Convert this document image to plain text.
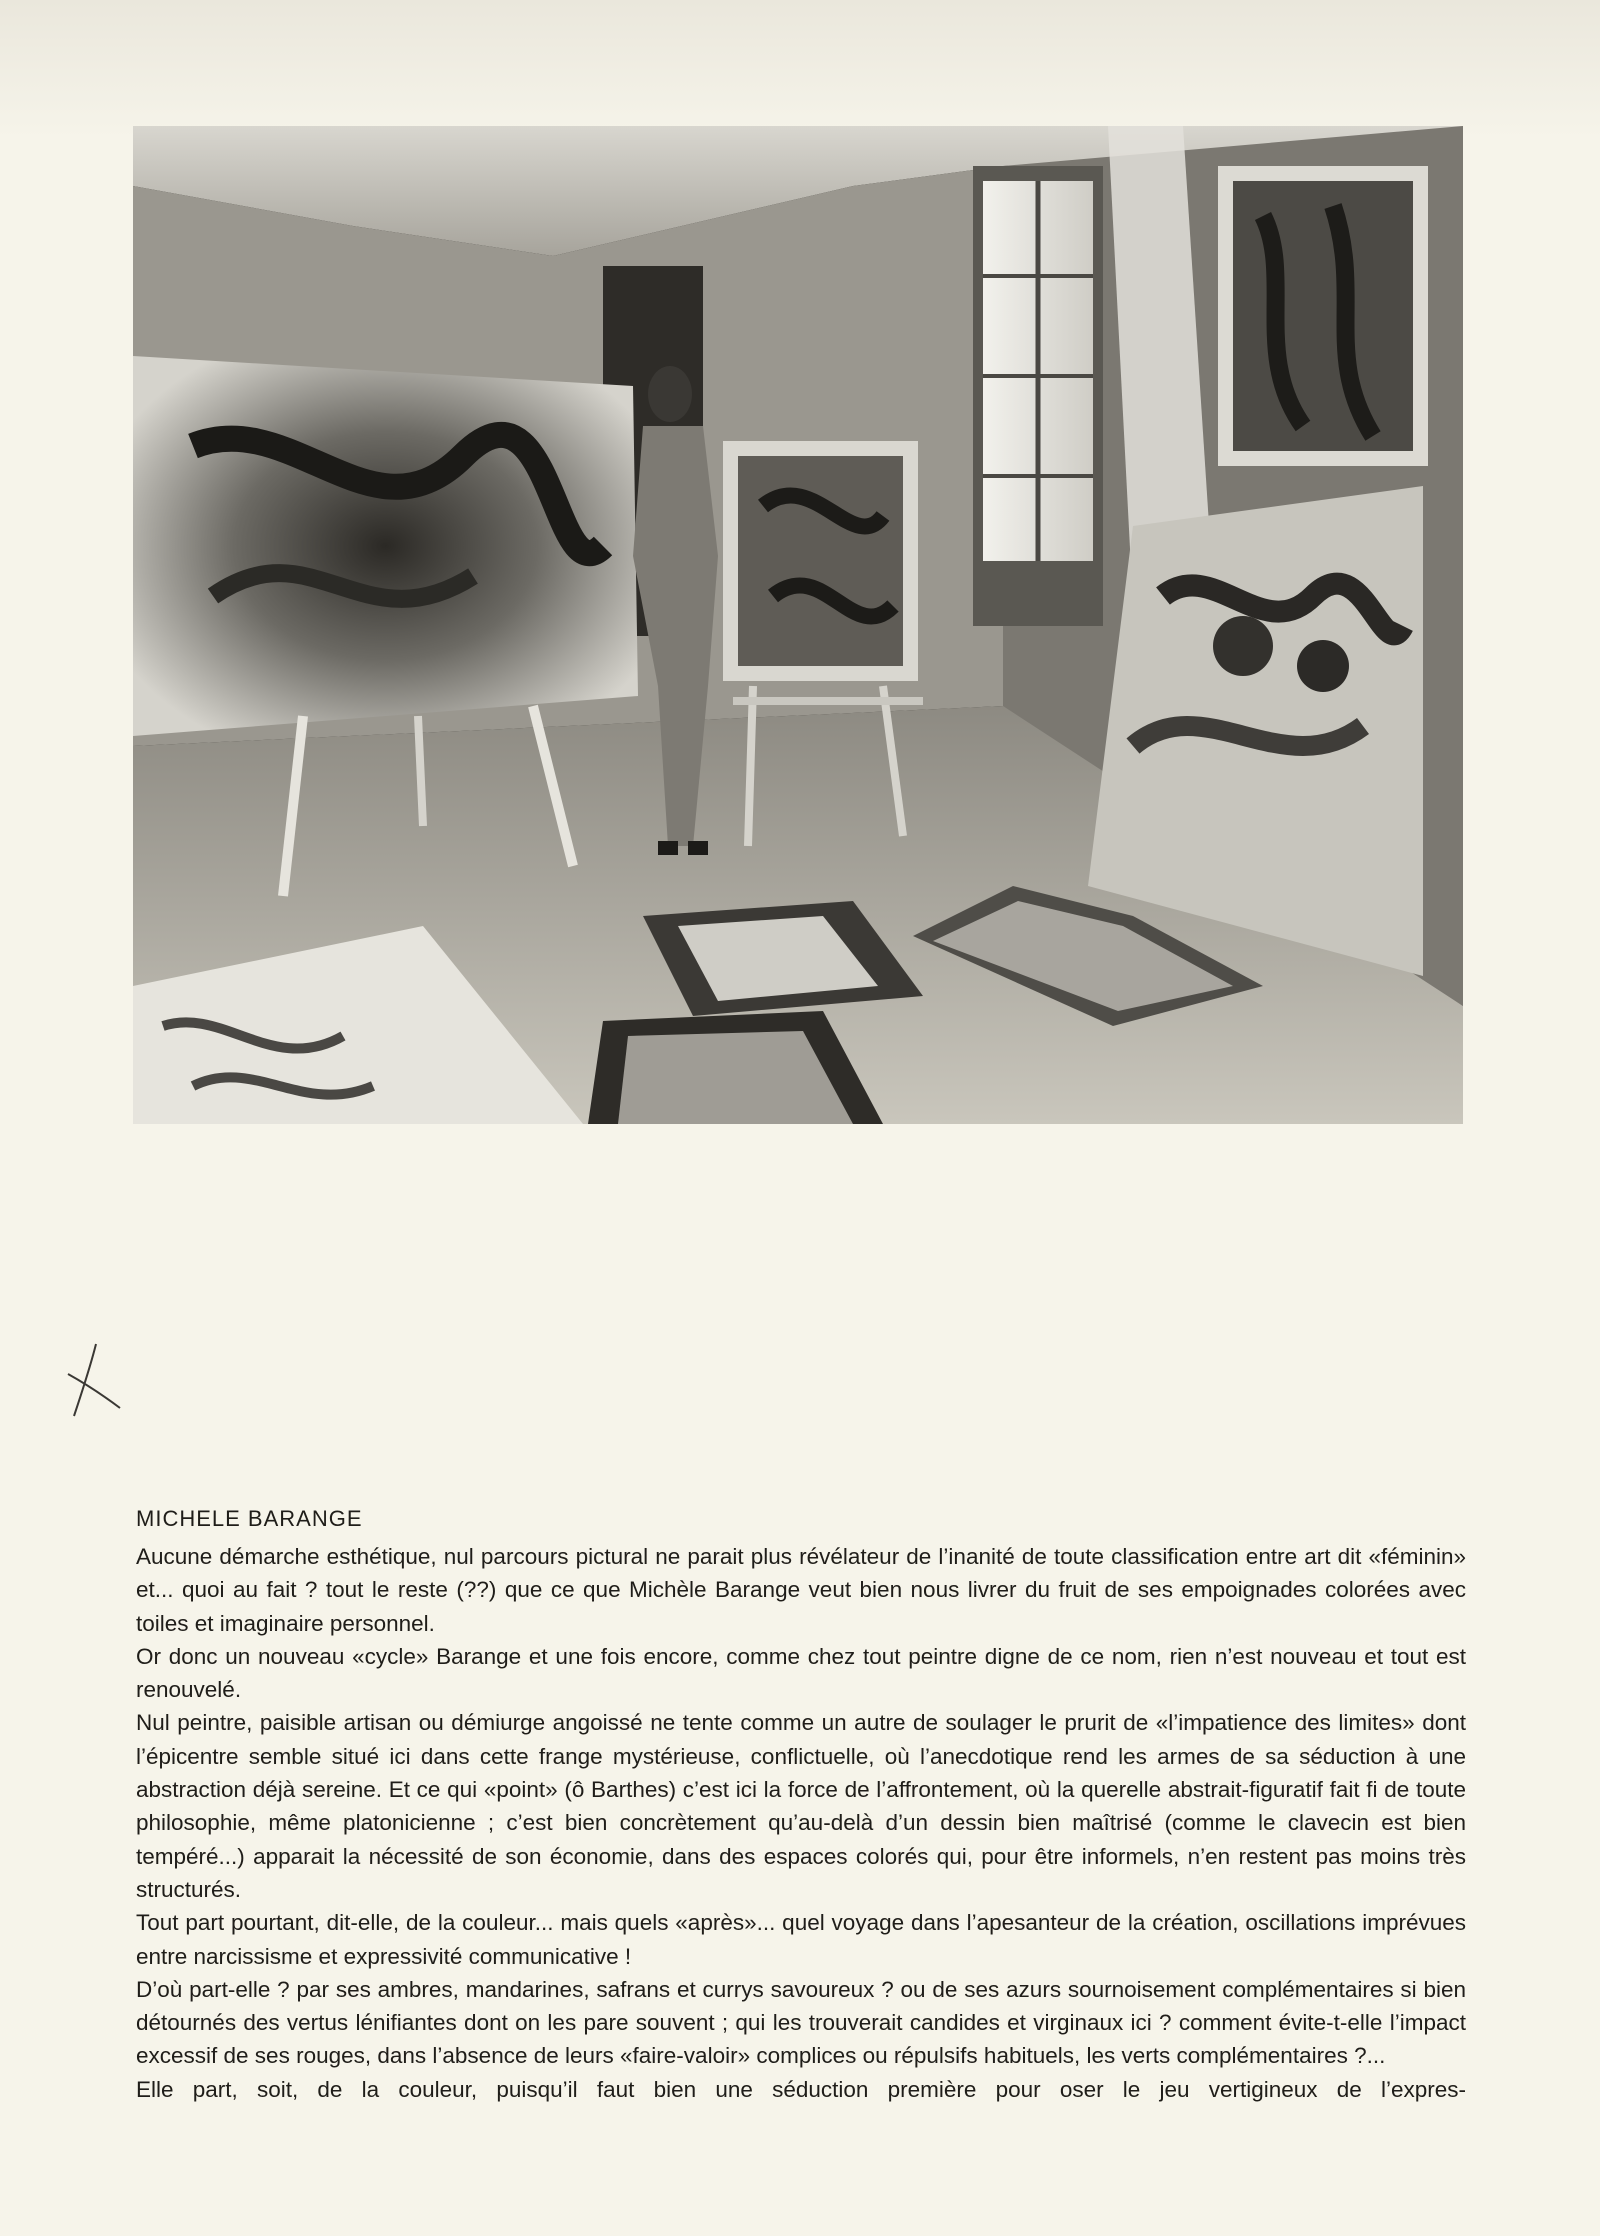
MICHELE BARANGE

Aucune démarche esthétique, nul parcours pictural ne parait plus révélateur de l’inanité de toute classification entre art dit «féminin» et... quoi au fait ? tout le reste (??) que ce que Michèle Barange veut bien nous livrer du fruit de ses empoignades colorées avec toiles et imaginaire personnel.

Or donc un nouveau «cycle» Barange et une fois encore, comme chez tout peintre digne de ce nom, rien n’est nouveau et tout est renouvelé.

Nul peintre, paisible artisan ou démiurge angoissé ne tente comme un autre de soulager le prurit de «l’impatience des limites» dont l’épicentre semble situé ici dans cette frange mystérieuse, conflictuelle, où l’anecdotique rend les armes de sa séduction à une abstraction déjà sereine. Et ce qui «point» (ô Barthes) c’est ici la force de l’affrontement, où la querelle abstrait-figuratif fait fi de toute philosophie, même platonicienne ; c’est bien concrètement qu’au-delà d’un dessin bien maîtrisé (comme le clavecin est bien tempéré...) apparait la nécessité de son économie, dans des espaces colorés qui, pour être informels, n’en restent pas moins très structurés.

Tout part pourtant, dit-elle, de la couleur... mais quels «après»... quel voyage dans l’apesanteur de la création, oscillations imprévues entre narcissisme et expressivité communicative !

D’où part-elle ? par ses ambres, mandarines, safrans et currys savoureux ? ou de ses azurs sournoisement complémentaires si bien détournés des vertus lénifiantes dont on les pare souvent ; qui les trouverait candides et virginaux ici ? comment évite-t-elle l’impact excessif de ses rouges, dans l’absence de leurs «faire-valoir» complices ou répulsifs habituels, les verts complémentaires ?...

Elle part, soit, de la couleur, puisqu’il faut bien une séduction première pour oser le jeu vertigineux de l’expres-
